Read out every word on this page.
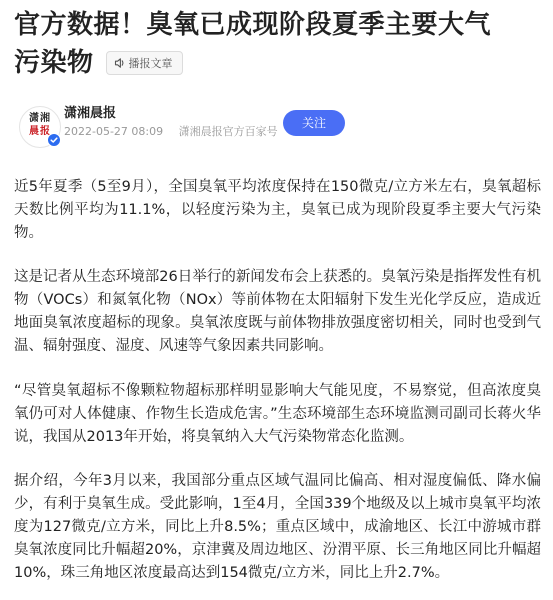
官方数据！臭氧已成现阶段夏季主要大气
污染物	播报文章
潇湘
晨报
潇湘晨报
2022-05-27 08:09 潇湘晨报官方百家号
关注

近5年夏季（5至9月），全国臭氧平均浓度保持在150微克/立方米左右，臭氧超标天数比例平均为11.1%，以轻度污染为主，臭氧已成为现阶段夏季主要大气污染物。

这是记者从生态环境部26日举行的新闻发布会上获悉的。臭氧污染是指挥发性有机物（VOCs）和氮氧化物（NOx）等前体物在太阳辐射下发生光化学反应，造成近地面臭氧浓度超标的现象。臭氧浓度既与前体物排放强度密切相关，同时也受到气温、辐射强度、湿度、风速等气象因素共同影响。

“尽管臭氧超标不像颗粒物超标那样明显影响大气能见度，不易察觉，但高浓度臭氧仍可对人体健康、作物生长造成危害。”生态环境部生态环境监测司副司长蒋火华说，我国从2013年开始，将臭氧纳入大气污染物常态化监测。

据介绍，今年3月以来，我国部分重点区域气温同比偏高、相对湿度偏低、降水偏少，有利于臭氧生成。受此影响，1至4月，全国339个地级及以上城市臭氧平均浓度为127微克/立方米，同比上升8.5%；重点区域中，成渝地区、长江中游城市群臭氧浓度同比升幅超20%，京津冀及周边地区、汾渭平原、长三角地区同比升幅超10%，珠三角地区浓度最高达到154微克/立方米，同比上升2.7%。
